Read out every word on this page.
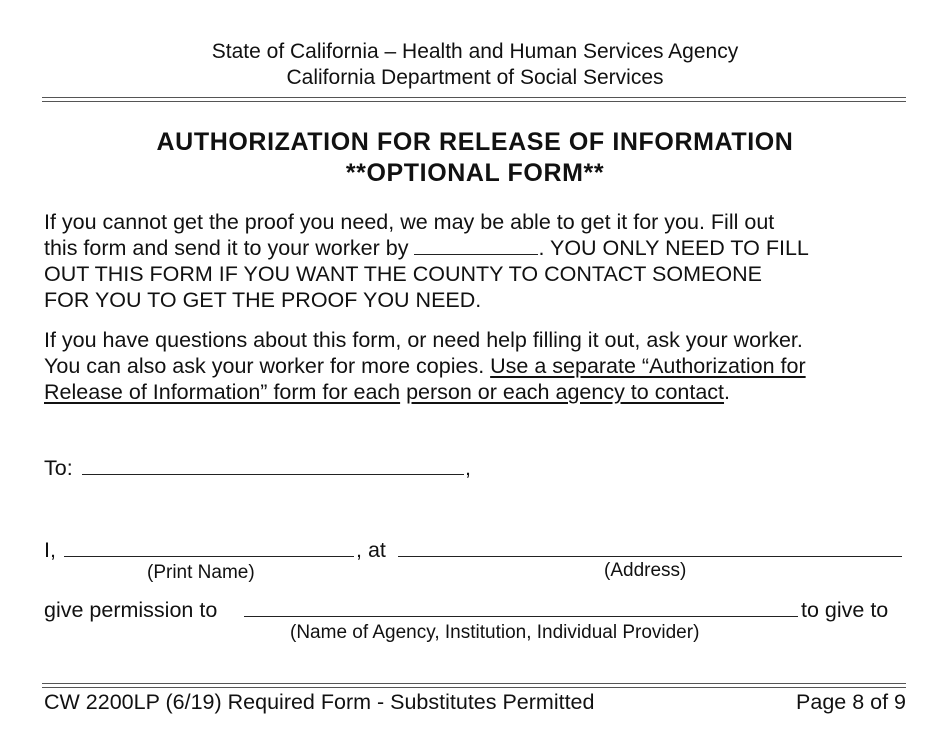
State of California – Health and Human Services Agency
California Department of Social Services
AUTHORIZATION FOR RELEASE OF INFORMATION
**OPTIONAL FORM**

If you cannot get the proof you need, we may be able to get it for you. Fill out

this form and send it to your worker by	. YOU ONLY NEED TO FILL

OUT THIS FORM IF YOU WANT THE COUNTY TO CONTACT SOMEONE

FOR YOU TO GET THE PROOF YOU NEED.

If you have questions about this form, or need help filling it out, ask your worker.

You can also ask your worker for more copies. Use a separate “Authorization for

Release of Information” form for each person or each agency to contact.

To:	,
I,	, at
(Print Name)	(Address)
give permission to	to give to
(Name of Agency, Institution, Individual Provider)
CW 2200LP (6/19) Required Form - Substitutes Permitted	Page 8 of 9
